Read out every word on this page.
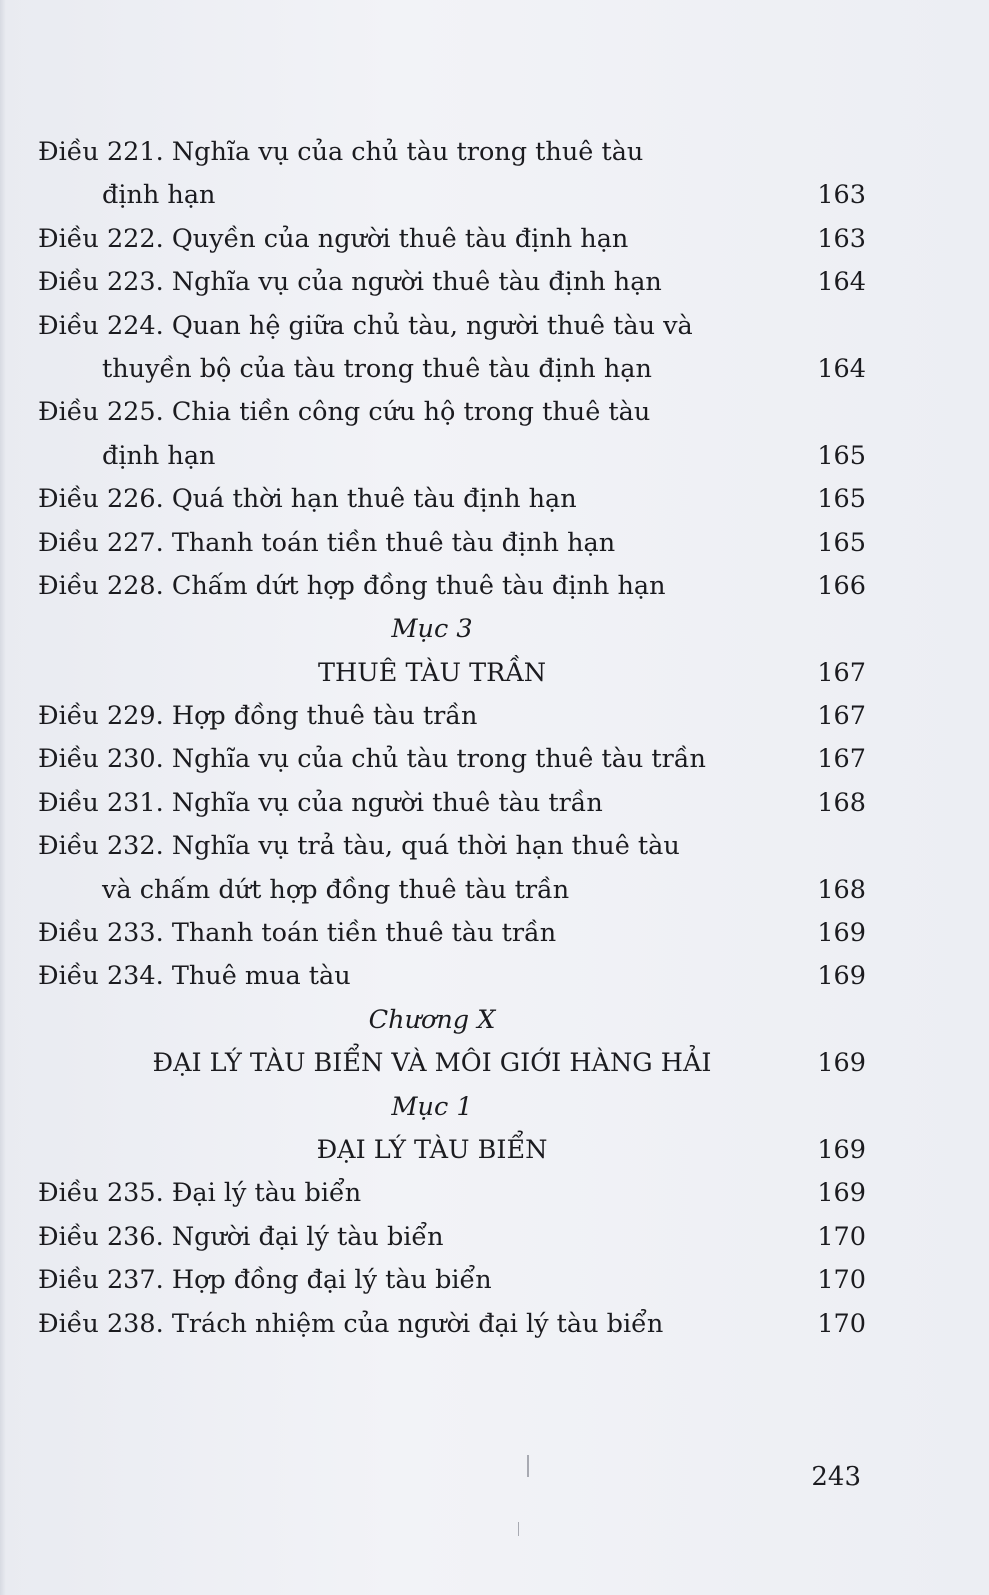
Điều 221. Nghĩa vụ của chủ tàu trong thuê tàu
định hạn	163
Điều 222. Quyền của người thuê tàu định hạn	163
Điều 223. Nghĩa vụ của người thuê tàu định hạn	164
Điều 224. Quan hệ giữa chủ tàu, người thuê tàu và
thuyền bộ của tàu trong thuê tàu định hạn	164
Điều 225. Chia tiền công cứu hộ trong thuê tàu
định hạn	165
Điều 226. Quá thời hạn thuê tàu định hạn	165
Điều 227. Thanh toán tiền thuê tàu định hạn	165
Điều 228. Chấm dứt hợp đồng thuê tàu định hạn	166
Mục 3
THUÊ TÀU TRẦN	167
Điều 229. Hợp đồng thuê tàu trần	167
Điều 230. Nghĩa vụ của chủ tàu trong thuê tàu trần	167
Điều 231. Nghĩa vụ của người thuê tàu trần	168
Điều 232. Nghĩa vụ trả tàu, quá thời hạn thuê tàu
và chấm dứt hợp đồng thuê tàu trần	168
Điều 233. Thanh toán tiền thuê tàu trần	169
Điều 234. Thuê mua tàu	169
Chương X
ĐẠI LÝ TÀU BIỂN VÀ MÔI GIỚI HÀNG HẢI	169
Mục 1
ĐẠI LÝ TÀU BIỂN	169
Điều 235. Đại lý tàu biển	169
Điều 236. Người đại lý tàu biển	170
Điều 237. Hợp đồng đại lý tàu biển	170
Điều 238. Trách nhiệm của người đại lý tàu biển	170
243
